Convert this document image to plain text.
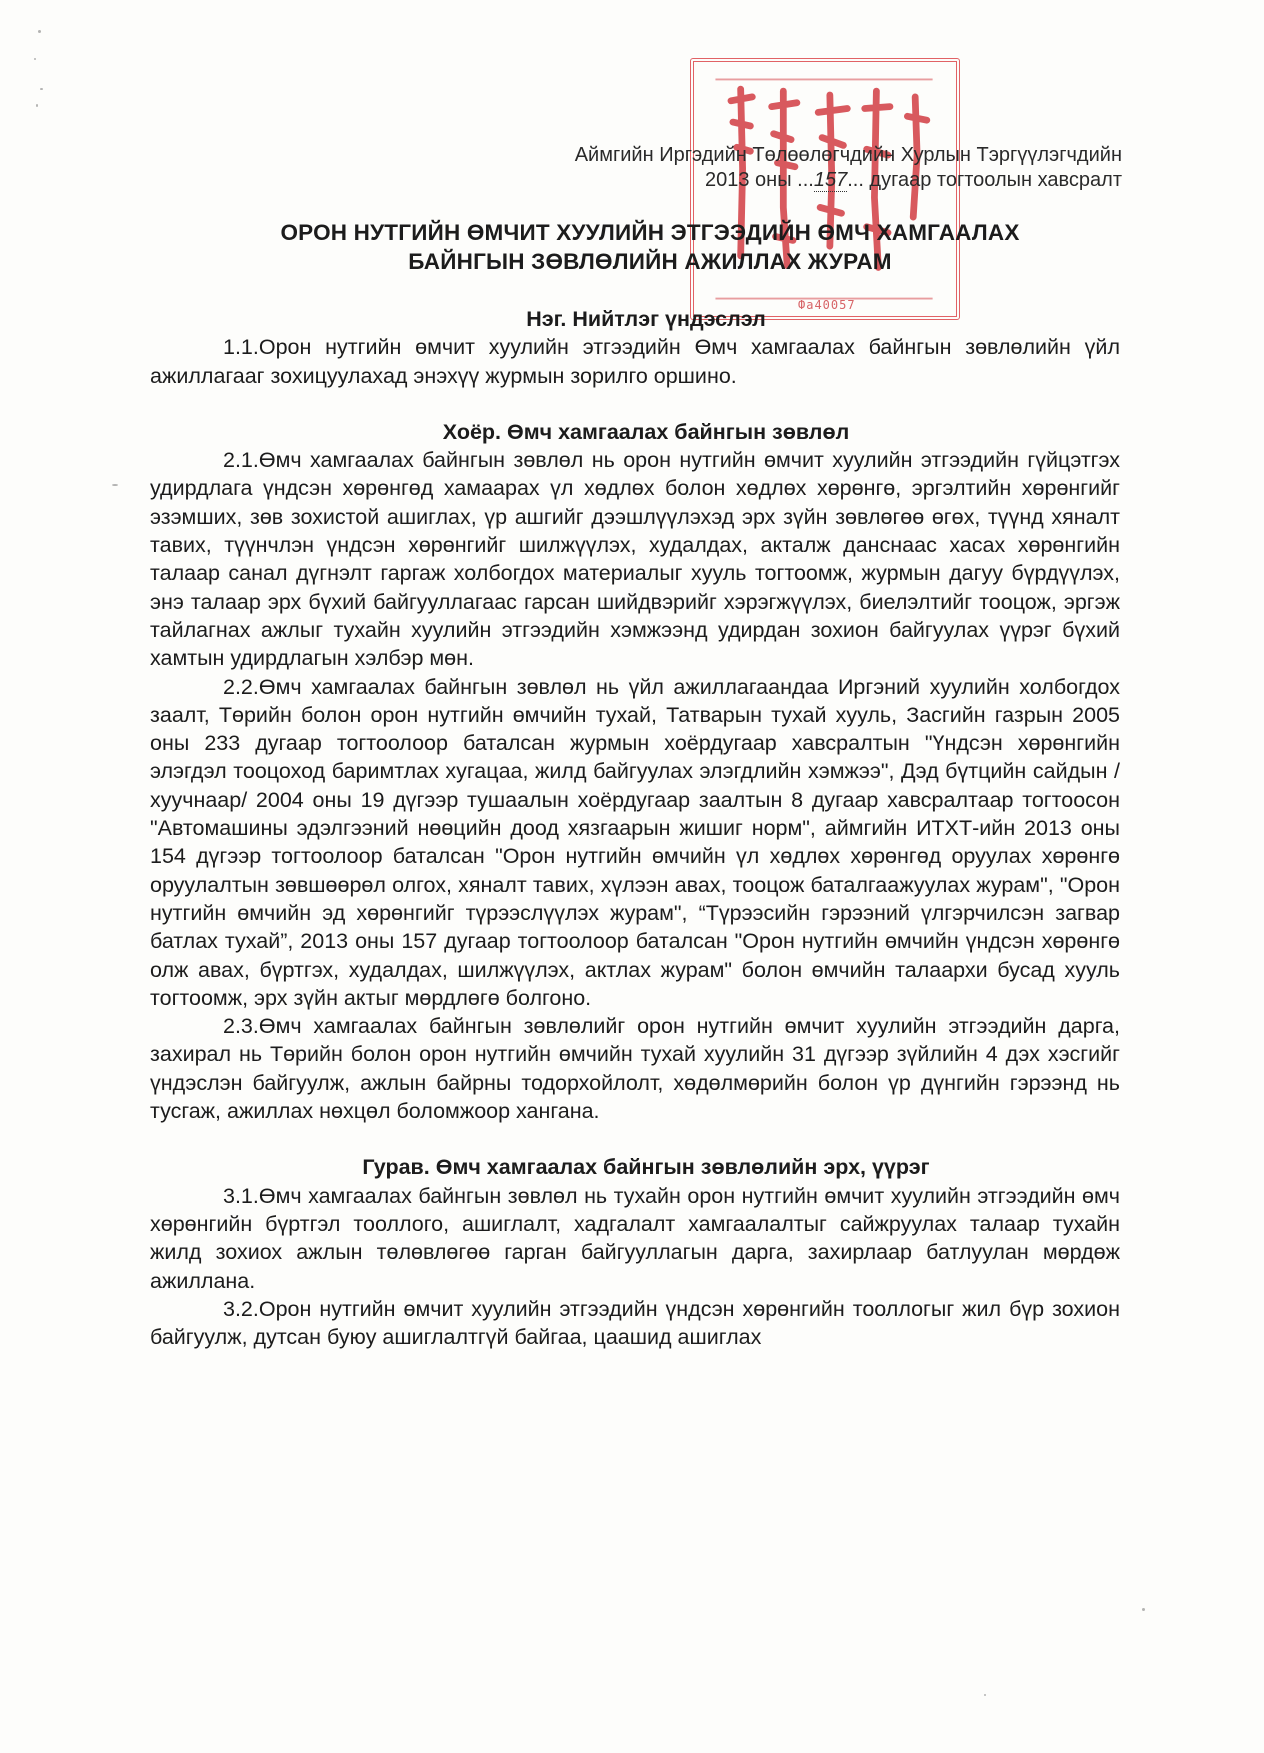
Фа40057
Аймгийн Иргэдийн Төлөөлөгчдийн Хурлын Тэргүүлэгчдийн
2013 оны ...157... дугаар тогтоолын хавсралт
ОРОН НУТГИЙН ӨМЧИТ ХУУЛИЙН ЭТГЭЭДИЙН ӨМЧ ХАМГААЛАХ
БАЙНГЫН ЗӨВЛӨЛИЙН АЖИЛЛАХ ЖУРАМ
Нэг. Нийтлэг үндэслэл

1.1.Орон нутгийн өмчит хуулийн этгээдийн Өмч хамгаалах байнгын зөвлөлийн үйл ажиллагааг зохицуулахад энэхүү журмын зорилго оршино.

Хоёр. Өмч хамгаалах байнгын зөвлөл

2.1.Өмч хамгаалах байнгын зөвлөл нь орон нутгийн өмчит хуулийн этгээдийн гүйцэтгэх удирдлага үндсэн хөрөнгөд хамаарах үл хөдлөх болон хөдлөх хөрөнгө, эргэлтийн хөрөнгийг эзэмших, зөв зохистой ашиглах, үр ашгийг дээшлүүлэхэд эрх зүйн зөвлөгөө өгөх, түүнд хяналт тавих, түүнчлэн үндсэн хөрөнгийг шилжүүлэх, худалдах, акталж данснаас хасах хөрөнгийн талаар санал дүгнэлт гаргаж холбогдох материалыг хууль тогтоомж, журмын дагуу бүрдүүлэх, энэ талаар эрх бүхий байгууллагаас гарсан шийдвэрийг хэрэгжүүлэх, биелэлтийг тооцож, эргэж тайлагнах ажлыг тухайн хуулийн этгээдийн хэмжээнд удирдан зохион байгуулах үүрэг бүхий хамтын удирдлагын хэлбэр мөн.

2.2.Өмч хамгаалах байнгын зөвлөл нь үйл ажиллагаандаа Иргэний хуулийн холбогдох заалт, Төрийн болон орон нутгийн өмчийн тухай, Татварын тухай хууль, Засгийн газрын 2005 оны 233 дугаар тогтоолоор баталсан журмын хоёрдугаар хавсралтын "Үндсэн хөрөнгийн элэгдэл тооцоход баримтлах хугацаа, жилд байгуулах элэгдлийн хэмжээ", Дэд бүтцийн сайдын /хуучнаар/ 2004 оны 19 дүгээр тушаалын хоёрдугаар заалтын 8 дугаар хавсралтаар тогтоосон "Автомашины эдэлгээний нөөцийн доод хязгаарын жишиг норм", аймгийн ИТХТ-ийн 2013 оны 154 дүгээр тогтоолоор баталсан "Орон нутгийн өмчийн үл хөдлөх хөрөнгөд оруулах хөрөнгө оруулалтын зөвшөөрөл олгох, хяналт тавих, хүлээн авах, тооцож баталгаажуулах журам", "Орон нутгийн өмчийн эд хөрөнгийг түрээслүүлэх журам", “Түрээсийн гэрээний үлгэрчилсэн загвар батлах тухай”, 2013 оны 157 дугаар тогтоолоор баталсан "Орон нутгийн өмчийн үндсэн хөрөнгө олж авах, бүртгэх, худалдах, шилжүүлэх, актлах журам" болон өмчийн талаархи бусад хууль тогтоомж, эрх зүйн актыг мөрдлөгө болгоно.

2.3.Өмч хамгаалах байнгын зөвлөлийг орон нутгийн өмчит хуулийн этгээдийн дарга, захирал нь Төрийн болон орон нутгийн өмчийн тухай хуулийн 31 дүгээр зүйлийн 4 дэх хэсгийг үндэслэн байгуулж, ажлын байрны тодорхойлолт, хөдөлмөрийн болон үр дүнгийн гэрээнд нь тусгаж, ажиллах нөхцөл боломжоор хангана.

Гурав. Өмч хамгаалах байнгын зөвлөлийн эрх, үүрэг

3.1.Өмч хамгаалах байнгын зөвлөл нь тухайн орон нутгийн өмчит хуулийн этгээдийн өмч хөрөнгийн бүртгэл тооллого, ашиглалт, хадгалалт хамгаалалтыг сайжруулах талаар тухайн жилд зохиох ажлын төлөвлөгөө гарган байгууллагын дарга, захирлаар батлуулан мөрдөж ажиллана.

3.2.Орон нутгийн өмчит хуулийн этгээдийн үндсэн хөрөнгийн тооллогыг жил бүр зохион байгуулж, дутсан буюу ашиглалтгүй байгаа, цаашид ашиглах
